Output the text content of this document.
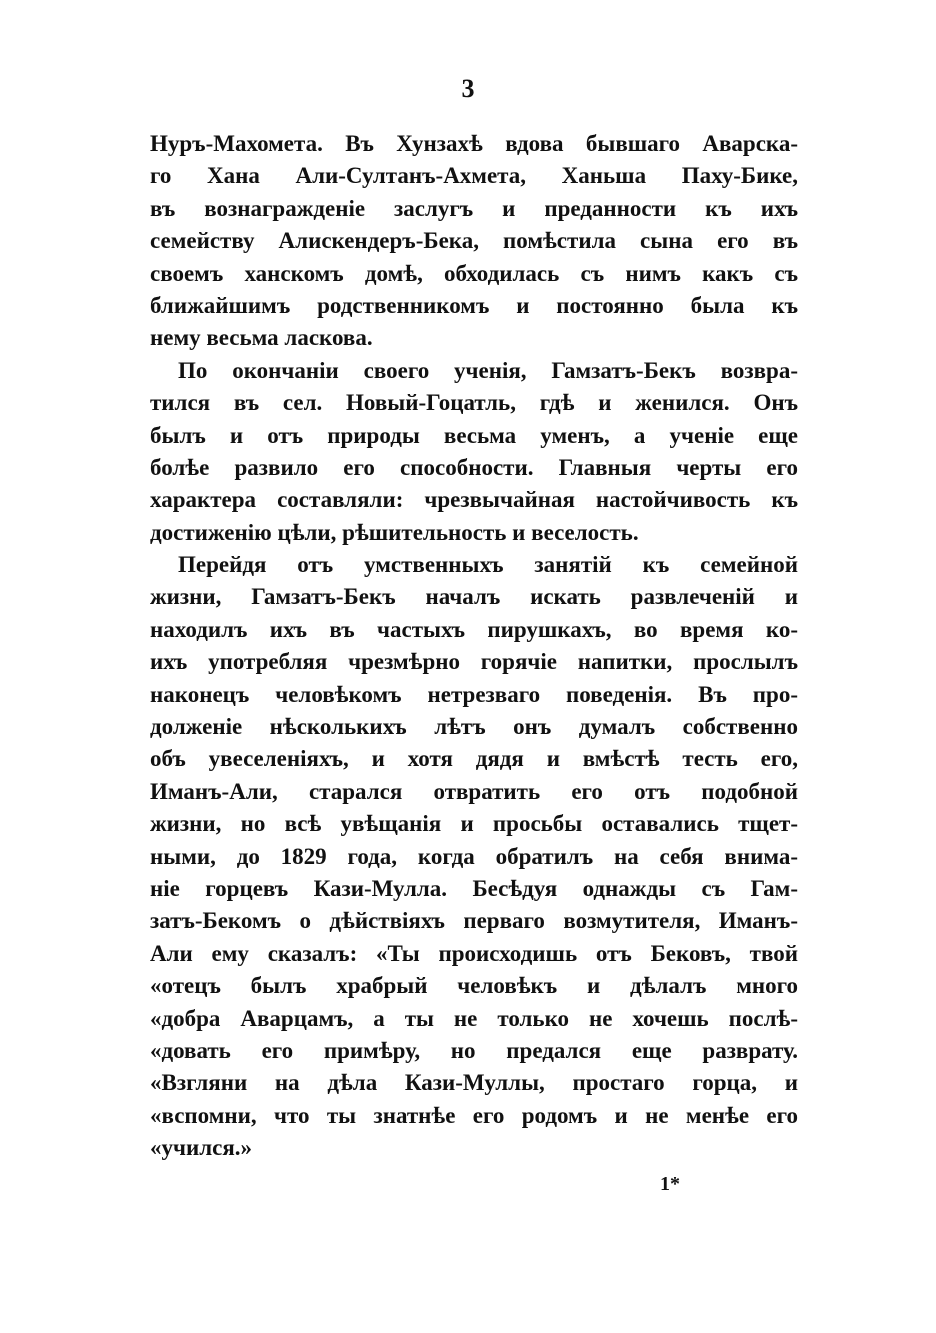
3
Нуръ-Махомета. Въ Хунзахѣ вдова бывшаго Аварска-
го Хана Али-Султанъ-Ахмета, Ханьша Паху-Бике,
въ вознагражденіе заслугъ и преданности къ ихъ
семейству Алискендеръ-Бека, помѣстила сына его въ
своемъ ханскомъ домѣ, обходилась съ нимъ какъ съ
ближайшимъ родственникомъ и постоянно была къ
нему весьма ласкова.
По окончаніи своего ученія, Гамзатъ-Бекъ возвра-
тился въ сел. Новый-Гоцатль, гдѣ и женился. Онъ
былъ и отъ природы весьма уменъ, а ученіе еще
болѣе развило его способности. Главныя черты его
характера составляли: чрезвычайная настойчивость къ
достиженію цѣли, рѣшительность и веселость.
Перейдя отъ умственныхъ занятій къ семейной
жизни, Гамзатъ-Бекъ началъ искать развлеченій и
находилъ ихъ въ частыхъ пирушкахъ, во время ко-
ихъ употребляя чрезмѣрно горячіе напитки, прослылъ
наконецъ человѣкомъ нетрезваго поведенія. Въ про-
долженіе нѣсколькихъ лѣтъ онъ думалъ собственно
объ увеселеніяхъ, и хотя дядя и вмѣстѣ тесть его,
Иманъ-Али, старался отвратить его отъ подобной
жизни, но всѣ увѣщанія и просьбы оставались тщет-
ными, до 1829 года, когда обратилъ на себя внима-
ніе горцевъ Кази-Мулла. Бесѣдуя однажды съ Гам-
затъ-Бекомъ о дѣйствіяхъ перваго возмутителя, Иманъ-
Али ему сказалъ: «Ты происходишь отъ Бековъ, твой
«отецъ былъ храбрый человѣкъ и дѣлалъ много
«добра Аварцамъ, а ты не только не хочешь послѣ-
«довать его примѣру, но предался еще разврату.
«Взгляни на дѣла Кази-Муллы, простаго горца, и
«вспомни, что ты знатнѣе его родомъ и не менѣе его
«учился.»
1*
